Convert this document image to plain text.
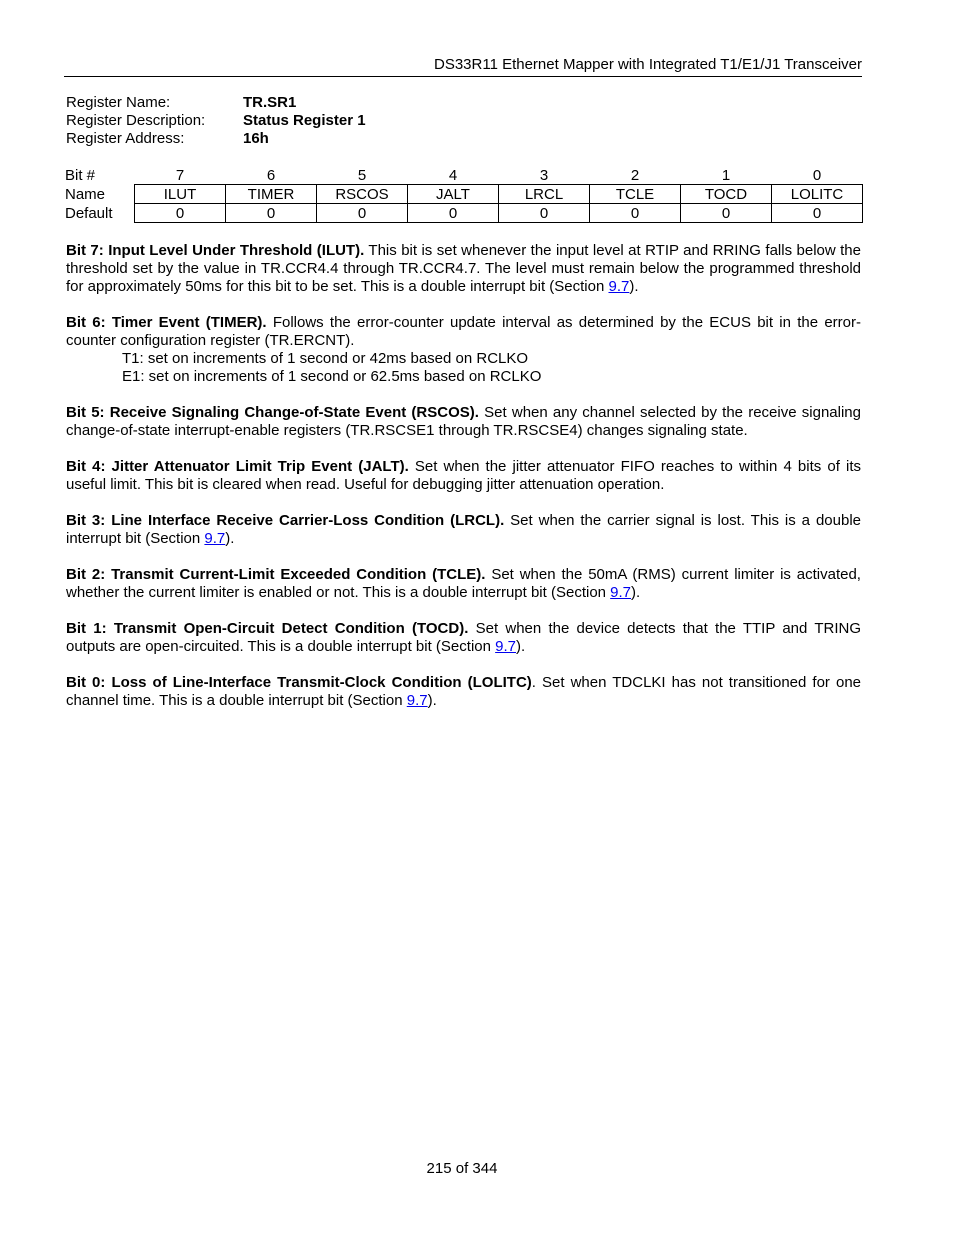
DS33R11 Ethernet Mapper with Integrated T1/E1/J1 Transceiver
Register Name:	TR.SR1
Register Description:	Status Register 1
Register Address:	16h
Bit #	7	6	5	4	3	2	1	0
Name	ILUT	TIMER	RSCOS	JALT	LRCL	TCLE	TOCD	LOLITC
Default	0	0	0	0	0	0	0	0

Bit 7: Input Level Under Threshold (ILUT). This bit is set whenever the input level at RTIP and RRING falls below the threshold set by the value in TR.CCR4.4 through TR.CCR4.7. The level must remain below the programmed threshold for approximately 50ms for this bit to be set. This is a double interrupt bit (Section 9.7).

Bit 6: Timer Event (TIMER). Follows the error-counter update interval as determined by the ECUS bit in the error-counter configuration register (TR.ERCNT).
T1: set on increments of 1 second or 42ms based on RCLKO
E1: set on increments of 1 second or 62.5ms based on RCLKO

Bit 5: Receive Signaling Change-of-State Event (RSCOS). Set when any channel selected by the receive signaling change-of-state interrupt-enable registers (TR.RSCSE1 through TR.RSCSE4) changes signaling state.

Bit 4: Jitter Attenuator Limit Trip Event (JALT). Set when the jitter attenuator FIFO reaches to within 4 bits of its useful limit. This bit is cleared when read. Useful for debugging jitter attenuation operation.

Bit 3: Line Interface Receive Carrier-Loss Condition (LRCL). Set when the carrier signal is lost. This is a double interrupt bit (Section 9.7).

Bit 2: Transmit Current-Limit Exceeded Condition (TCLE). Set when the 50mA (RMS) current limiter is activated, whether the current limiter is enabled or not. This is a double interrupt bit (Section 9.7).

Bit 1: Transmit Open-Circuit Detect Condition (TOCD). Set when the device detects that the TTIP and TRING outputs are open-circuited. This is a double interrupt bit (Section 9.7).

Bit 0: Loss of Line-Interface Transmit-Clock Condition (LOLITC). Set when TDCLKI has not transitioned for one channel time. This is a double interrupt bit (Section 9.7).

215 of 344
